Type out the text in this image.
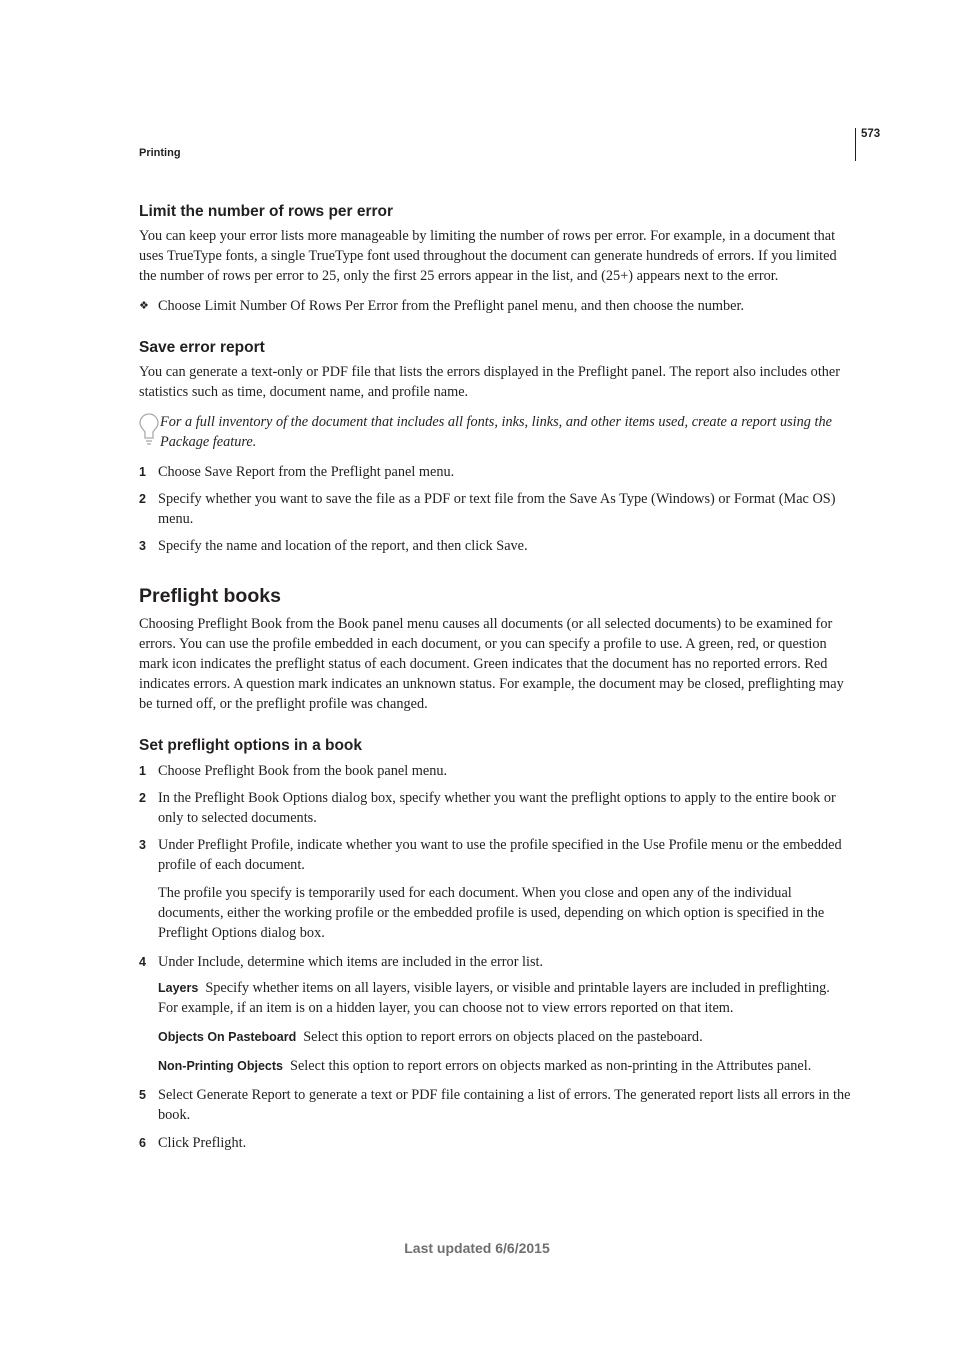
573
Printing
Limit the number of rows per error

You can keep your error lists more manageable by limiting the number of rows per error. For example, in a document that uses TrueType fonts, a single TrueType font used throughout the document can generate hundreds of errors. If you limited the number of rows per error to 25, only the first 25 errors appear in the list, and (25+) appears next to the error.

❖ Choose Limit Number Of Rows Per Error from the Preflight panel menu, and then choose the number.
Save error report

You can generate a text-only or PDF file that lists the errors displayed in the Preflight panel. The report also includes other statistics such as time, document name, and profile name.

For a full inventory of the document that includes all fonts, inks, links, and other items used, create a report using the Package feature.
1 Choose Save Report from the Preflight panel menu.
2 Specify whether you want to save the file as a PDF or text file from the Save As Type (Windows) or Format (Mac OS) menu.
3 Specify the name and location of the report, and then click Save.
Preflight books

Choosing Preflight Book from the Book panel menu causes all documents (or all selected documents) to be examined for errors. You can use the profile embedded in each document, or you can specify a profile to use. A green, red, or question mark icon indicates the preflight status of each document. Green indicates that the document has no reported errors. Red indicates errors. A question mark indicates an unknown status. For example, the document may be closed, preflighting may be turned off, or the preflight profile was changed.

Set preflight options in a book
1 Choose Preflight Book from the book panel menu.
2 In the Preflight Book Options dialog box, specify whether you want the preflight options to apply to the entire book or only to selected documents.
3 Under Preflight Profile, indicate whether you want to use the profile specified in the Use Profile menu or the embedded profile of each document.

The profile you specify is temporarily used for each document. When you close and open any of the individual documents, either the working profile or the embedded profile is used, depending on which option is specified in the Preflight Options dialog box.

4 Under Include, determine which items are included in the error list.

Layers Specify whether items on all layers, visible layers, or visible and printable layers are included in preflighting. For example, if an item is on a hidden layer, you can choose not to view errors reported on that item.

Objects On Pasteboard Select this option to report errors on objects placed on the pasteboard.

Non-Printing Objects Select this option to report errors on objects marked as non-printing in the Attributes panel.

5 Select Generate Report to generate a text or PDF file containing a list of errors. The generated report lists all errors in the book.
6 Click Preflight.
Last updated 6/6/2015
